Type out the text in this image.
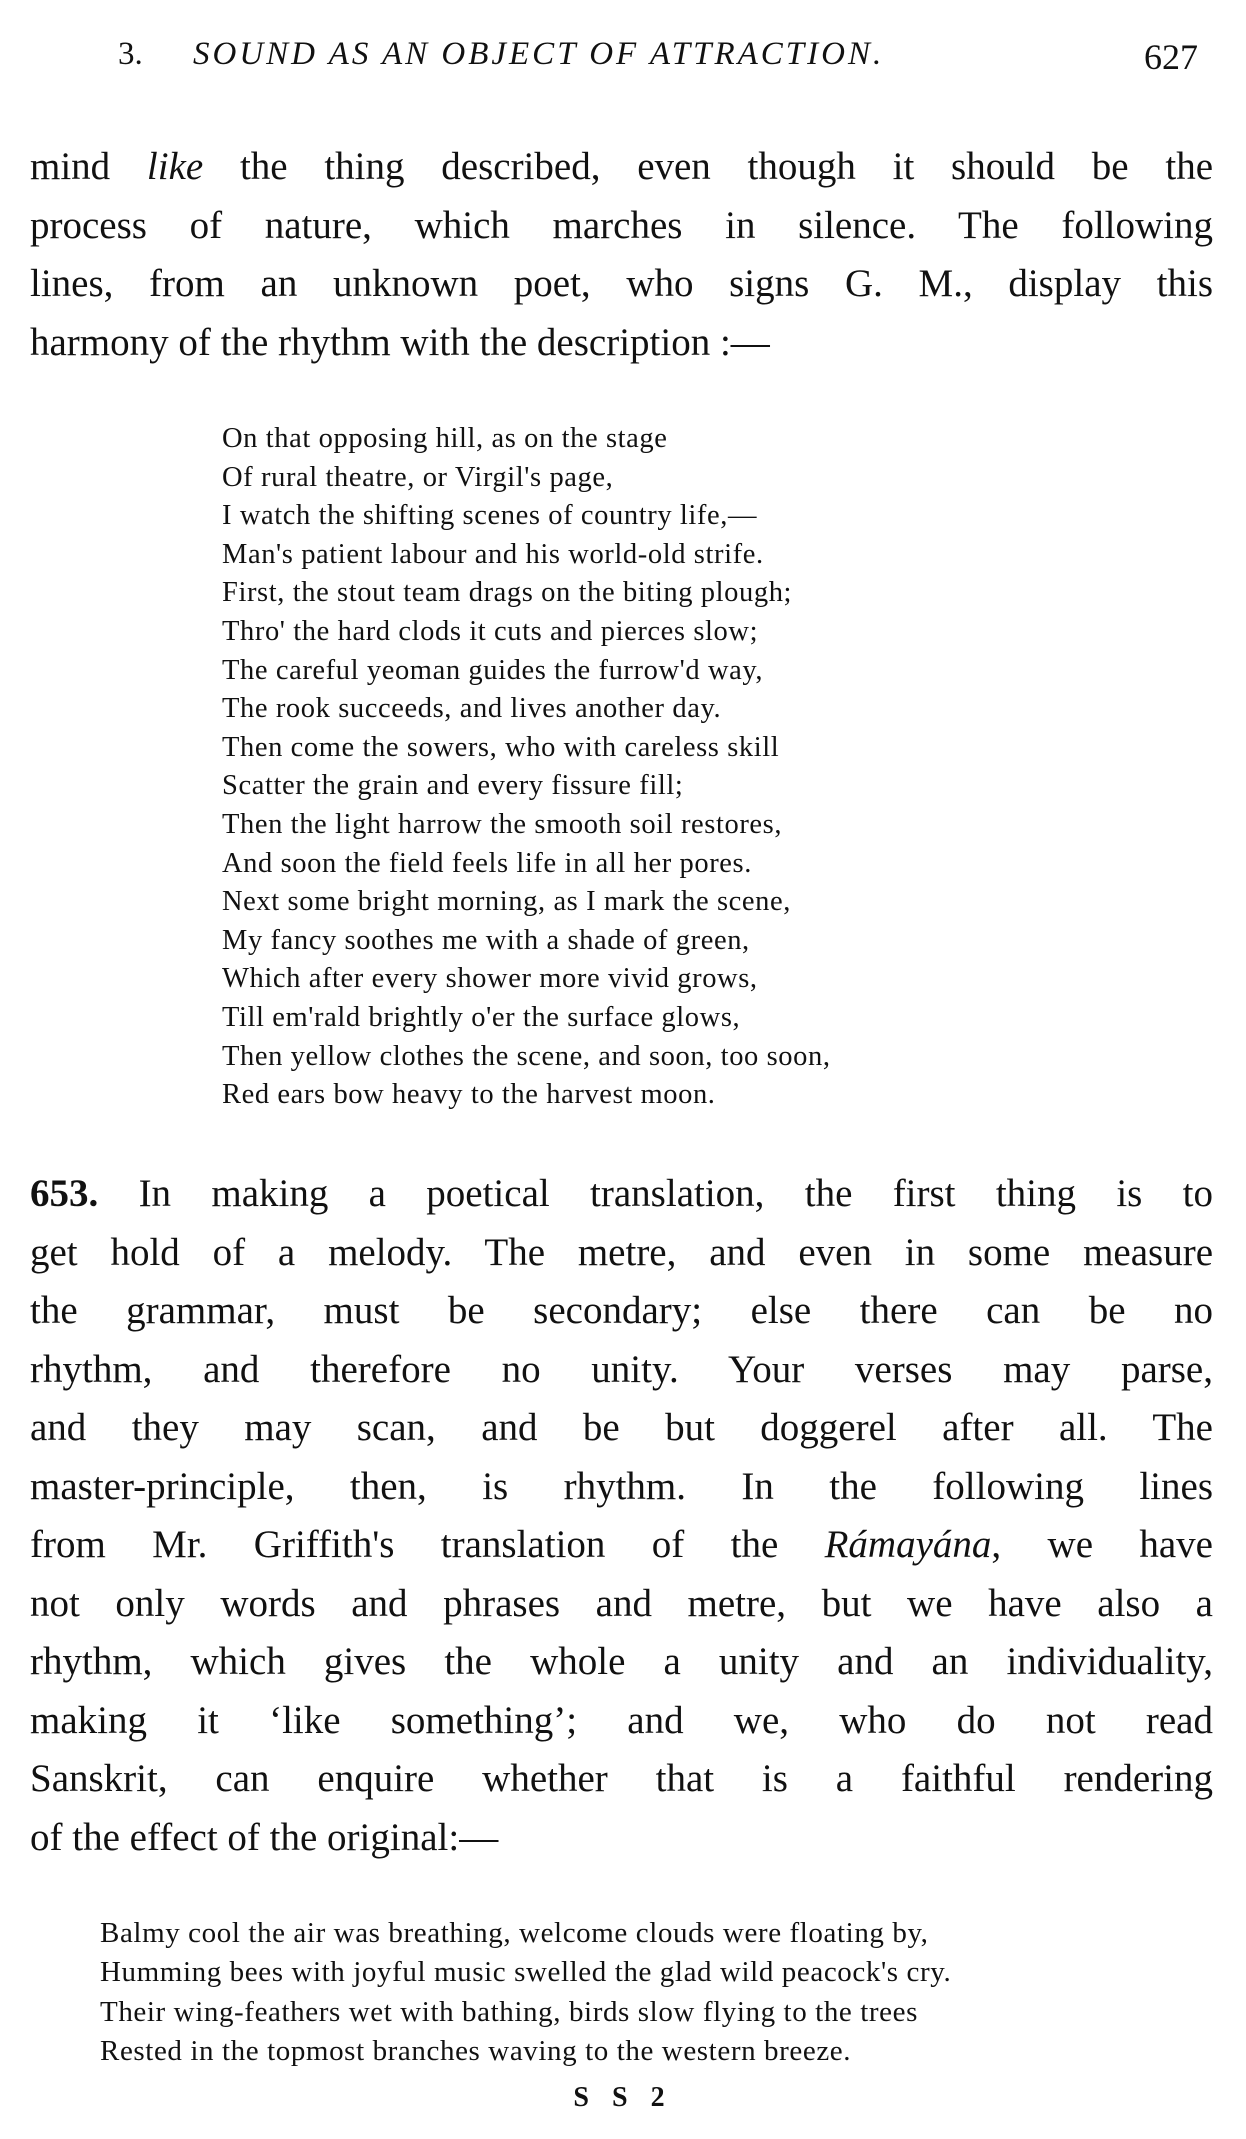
3. SOUND AS AN OBJECT OF ATTRACTION.	627
mind like the thing described, even though it should be the
process of nature, which marches in silence. The following
lines, from an unknown poet, who signs G. M., display this
harmony of the rhythm with the description :—
On that opposing hill, as on the stage
Of rural theatre, or Virgil's page,
I watch the shifting scenes of country life,—
Man's patient labour and his world-old strife.
First, the stout team drags on the biting plough;
Thro' the hard clods it cuts and pierces slow;
The careful yeoman guides the furrow'd way,
The rook succeeds, and lives another day.
Then come the sowers, who with careless skill
Scatter the grain and every fissure fill;
Then the light harrow the smooth soil restores,
And soon the field feels life in all her pores.
Next some bright morning, as I mark the scene,
My fancy soothes me with a shade of green,
Which after every shower more vivid grows,
Till em'rald brightly o'er the surface glows,
Then yellow clothes the scene, and soon, too soon,
Red ears bow heavy to the harvest moon.
653. In making a poetical translation, the first thing is to
get hold of a melody. The metre, and even in some measure
the grammar, must be secondary; else there can be no
rhythm, and therefore no unity. Your verses may parse,
and they may scan, and be but doggerel after all. The
master-principle, then, is rhythm. In the following lines
from Mr. Griffith's translation of the Rámayána, we have
not only words and phrases and metre, but we have also a
rhythm, which gives the whole a unity and an individuality,
making it ‘like something’; and we, who do not read
Sanskrit, can enquire whether that is a faithful rendering
of the effect of the original:—
Balmy cool the air was breathing, welcome clouds were floating by,
Humming bees with joyful music swelled the glad wild peacock's cry.
Their wing-feathers wet with bathing, birds slow flying to the trees
Rested in the topmost branches waving to the western breeze.
S S 2
